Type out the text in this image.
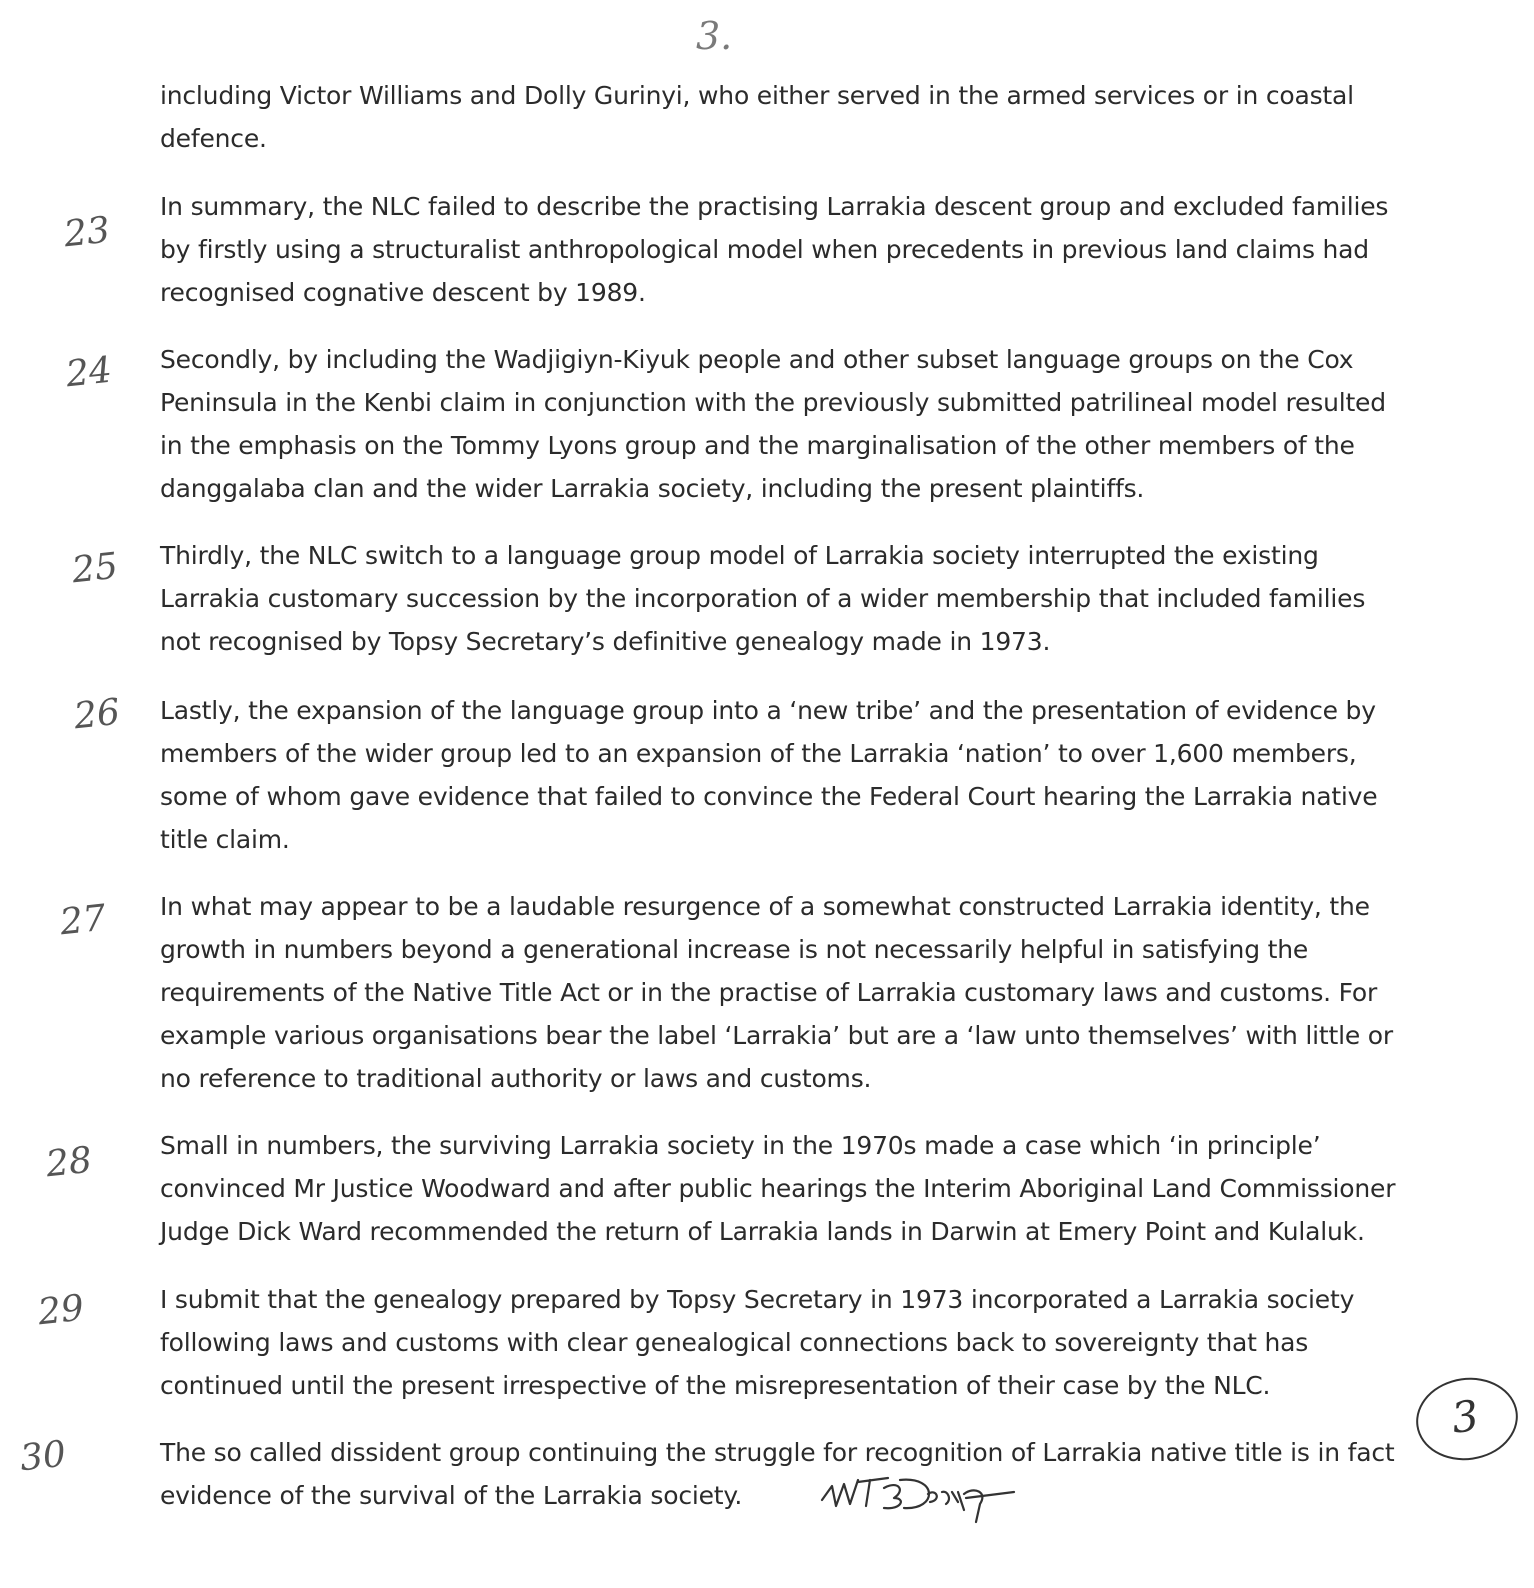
3.
including Victor Williams and Dolly Gurinyi, who either served in the armed services or in coastal
defence.
23
In summary, the NLC failed to describe the practising Larrakia descent group and excluded families
by firstly using a structuralist anthropological model when precedents in previous land claims had
recognised cognative descent by 1989.
24 Secondly, by including the Wadjigiyn-Kiyuk people and other subset language groups on the Cox
Peninsula in the Kenbi claim in conjunction with the previously submitted patrilineal model resulted
in the emphasis on the Tommy Lyons group and the marginalisation of the other members of the
danggalaba clan and the wider Larrakia society, including the present plaintiffs.
25 Thirdly, the NLC switch to a language group model of Larrakia society interrupted the existing
Larrakia customary succession by the incorporation of a wider membership that included families
not recognised by Topsy Secretary’s definitive genealogy made in 1973.
26 Lastly, the expansion of the language group into a ‘new tribe’ and the presentation of evidence by
members of the wider group led to an expansion of the Larrakia ‘nation’ to over 1,600 members,
some of whom gave evidence that failed to convince the Federal Court hearing the Larrakia native
title claim.
27 In what may appear to be a laudable resurgence of a somewhat constructed Larrakia identity, the
growth in numbers beyond a generational increase is not necessarily helpful in satisfying the
requirements of the Native Title Act or in the practise of Larrakia customary laws and customs. For
example various organisations bear the label ‘Larrakia’ but are a ‘law unto themselves’ with little or
no reference to traditional authority or laws and customs.
28	Small in numbers, the surviving Larrakia society in the 1970s made a case which ‘in principle’
convinced Mr Justice Woodward and after public hearings the Interim Aboriginal Land Commissioner
Judge Dick Ward recommended the return of Larrakia lands in Darwin at Emery Point and Kulaluk.
29	I submit that the genealogy prepared by Topsy Secretary in 1973 incorporated a Larrakia society
following laws and customs with clear genealogical connections back to sovereignty that has
continued until the present irrespective of the misrepresentation of their case by the NLC.
30	The so called dissident group continuing the struggle for recognition of Larrakia native title is in fact
evidence of the survival of the Larrakia society.
3
